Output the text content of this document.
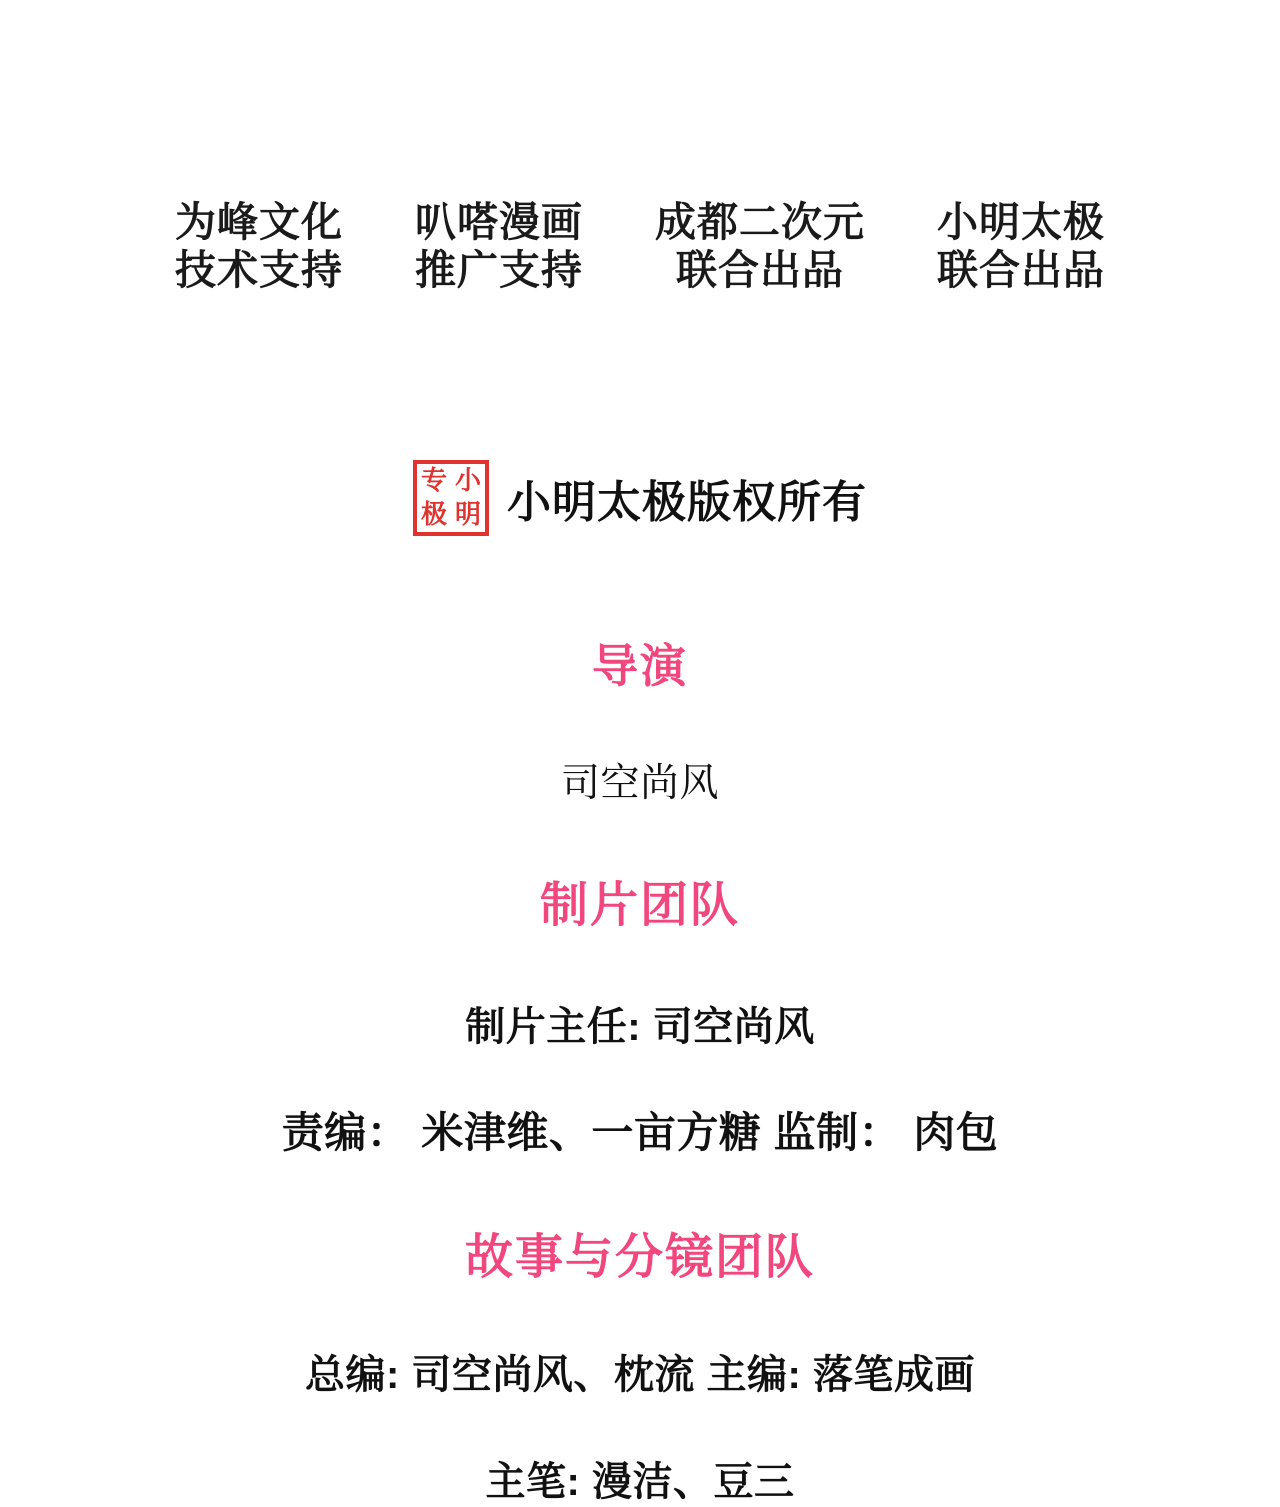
为峰文化
技术支持
叭嗒漫画
推广支持
成都二次元
联合出品
小明太极
联合出品
专 小
极 明 小明太极版权所有
导演
司空尚风
制片团队
制片主任: 司空尚风
责编： 米津维、一亩方糖 监制： 肉包
故事与分镜团队
总编: 司空尚风、枕流 主编: 落笔成画
主笔: 漫洁、豆三
